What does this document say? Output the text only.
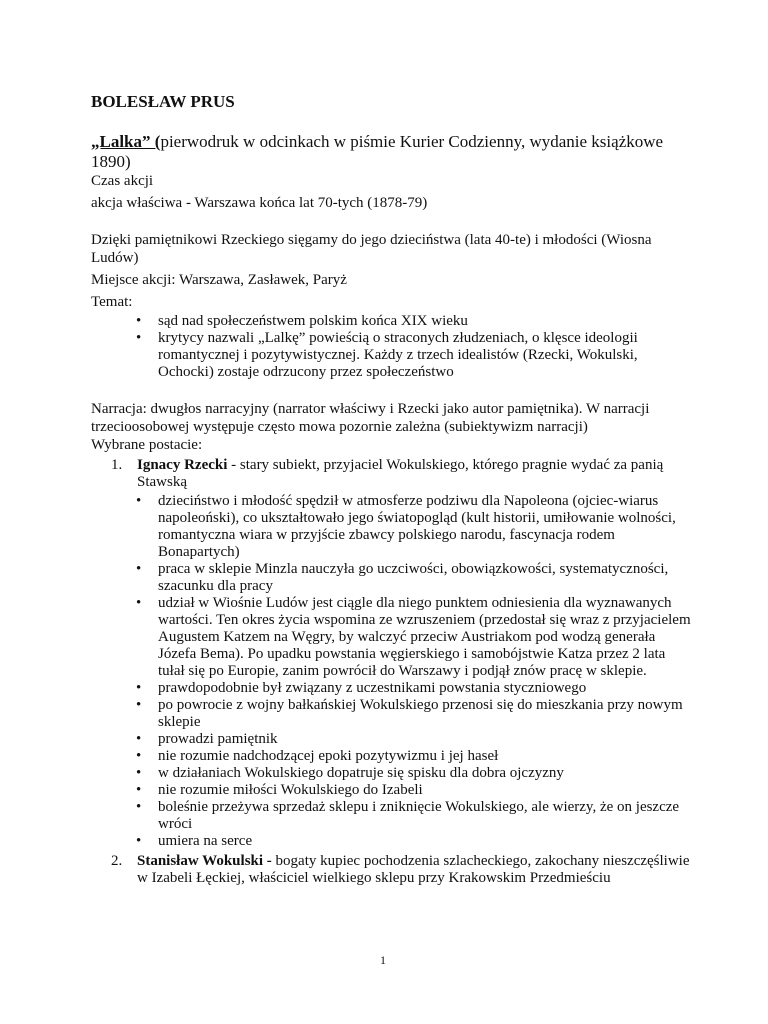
BOLESŁAW PRUS

„Lalka” (pierwodruk w odcinkach w piśmie Kurier Codzienny, wydanie książkowe 1890)

Czas akcji

akcja właściwa - Warszawa końca lat 70-tych (1878-79)

Dzięki pamiętnikowi Rzeckiego sięgamy do jego dzieciństwa (lata 40-te) i młodości (Wiosna Ludów)

Miejsce akcji: Warszawa, Zasławek, Paryż

Temat:

• sąd nad społeczeństwem polskim końca XIX wieku
• krytycy nazwali „Lalkę” powieścią o straconych złudzeniach, o klęsce ideologii romantycznej i pozytywistycznej. Każdy z trzech idealistów (Rzecki, Wokulski, Ochocki) zostaje odrzucony przez społeczeństwo

Narracja: dwugłos narracyjny (narrator właściwy i Rzecki jako autor pamiętnika). W narracji trzecioosobowej występuje często mowa pozornie zależna (subiektywizm narracji)

Wybrane postacie:

1. Ignacy Rzecki - stary subiekt, przyjaciel Wokulskiego, którego pragnie wydać za panią Stawską
• dzieciństwo i młodość spędził w atmosferze podziwu dla Napoleona (ojciec-wiarus napoleoński), co ukształtowało jego światopogląd (kult historii, umiłowanie wolności, romantyczna wiara w przyjście zbawcy polskiego narodu, fascynacja rodem Bonapartych)
• praca w sklepie Minzla nauczyła go uczciwości, obowiązkowości, systematyczności, szacunku dla pracy
• udział w Wiośnie Ludów jest ciągle dla niego punktem odniesienia dla wyznawanych wartości. Ten okres życia wspomina ze wzruszeniem (przedostał się wraz z przyjacielem Augustem Katzem na Węgry, by walczyć przeciw Austriakom pod wodzą generała Józefa Bema). Po upadku powstania węgierskiego i samobójstwie Katza przez 2 lata tułał się po Europie, zanim powrócił do Warszawy i podjął znów pracę w sklepie.
• prawdopodobnie był związany z uczestnikami powstania styczniowego
• po powrocie z wojny bałkańskiej Wokulskiego przenosi się do mieszkania przy nowym sklepie
• prowadzi pamiętnik
• nie rozumie nadchodzącej epoki pozytywizmu i jej haseł
• w działaniach Wokulskiego dopatruje się spisku dla dobra ojczyzny
• nie rozumie miłości Wokulskiego do Izabeli
• boleśnie przeżywa sprzedaż sklepu i zniknięcie Wokulskiego, ale wierzy, że on jeszcze wróci
• umiera na serce
2. Stanisław Wokulski - bogaty kupiec pochodzenia szlacheckiego, zakochany nieszczęśliwie w Izabeli Łęckiej, właściciel wielkiego sklepu przy Krakowskim Przedmieściu
1
